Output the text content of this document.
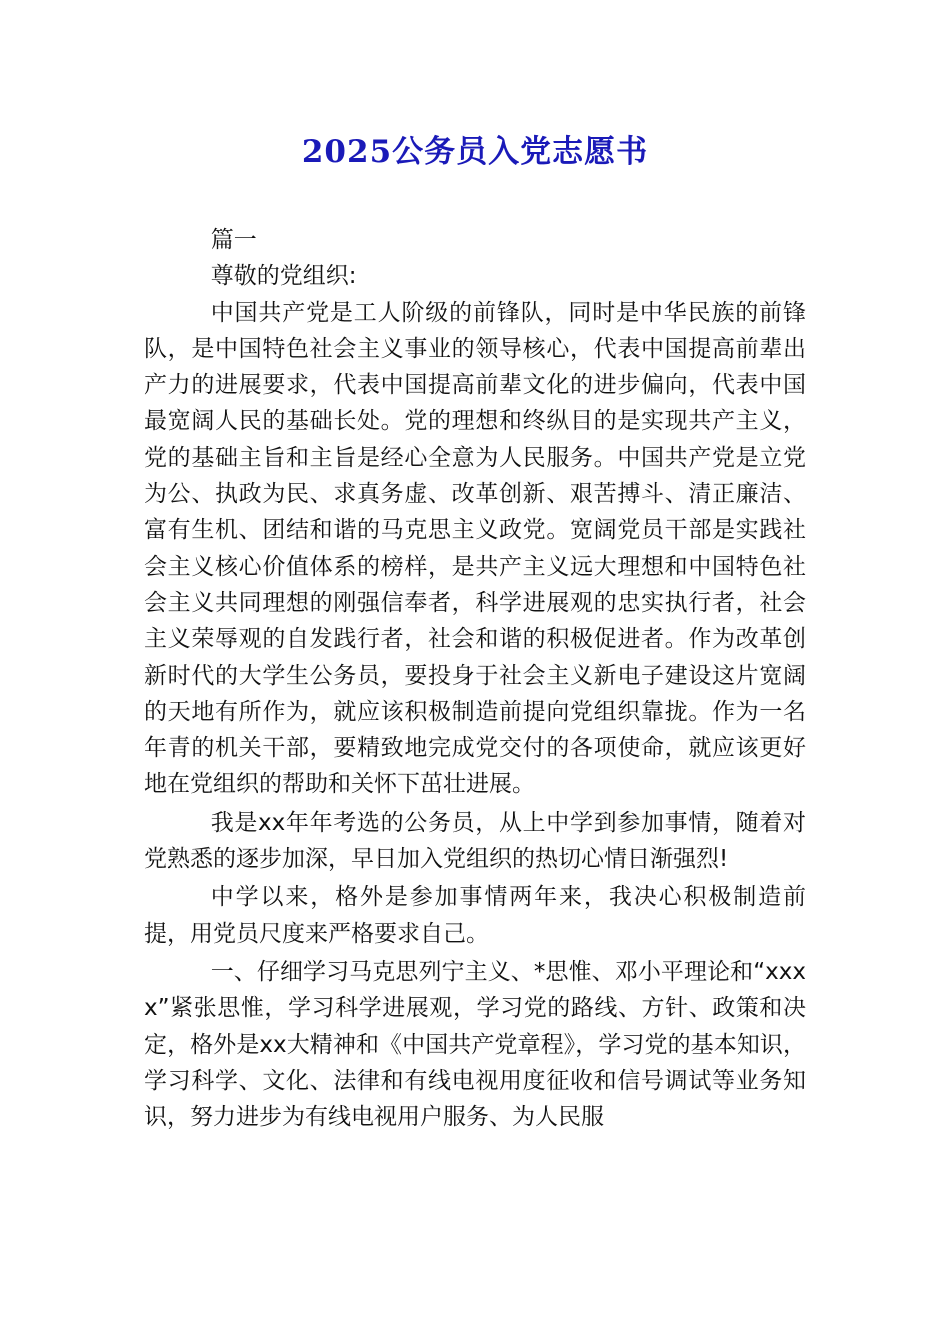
2025公务员入党志愿书

篇一

尊敬的党组织:

中国共产党是工人阶级的前锋队，同时是中华民族的前锋队，是中国特色社会主义事业的领导核心，代表中国提高前辈出产力的进展要求，代表中国提高前辈文化的进步偏向，代表中国最宽阔人民的基础长处。党的理想和终纵目的是实现共产主义，党的基础主旨和主旨是经心全意为人民服务。中国共产党是立党为公、执政为民、求真务虚、改革创新、艰苦搏斗、清正廉洁、富有生机、团结和谐的马克思主义政党。宽阔党员干部是实践社会主义核心价值体系的榜样，是共产主义远大理想和中国特色社会主义共同理想的刚强信奉者，科学进展观的忠实执行者，社会主义荣辱观的自发践行者，社会和谐的积极促进者。作为改革创新时代的大学生公务员，要投身于社会主义新电子建设这片宽阔的天地有所作为，就应该积极制造前提向党组织靠拢。作为一名年青的机关干部，要精致地完成党交付的各项使命，就应该更好地在党组织的帮助和关怀下茁壮进展。

我是xx年年考选的公务员，从上中学到参加事情，随着对党熟悉的逐步加深，早日加入党组织的热切心情日渐强烈!

中学以来，格外是参加事情两年来，我决心积极制造前提，用党员尺度来严格要求自己。

一、仔细学习马克思列宁主义、*思惟、邓小平理论和“xxxx”紧张思惟，学习科学进展观，学习党的路线、方针、政策和决定，格外是xx大精神和《中国共产党章程》，学习党的基本知识，学习科学、文化、法律和有线电视用度征收和信号调试等业务知识，努力进步为有线电视用户服务、为人民服
